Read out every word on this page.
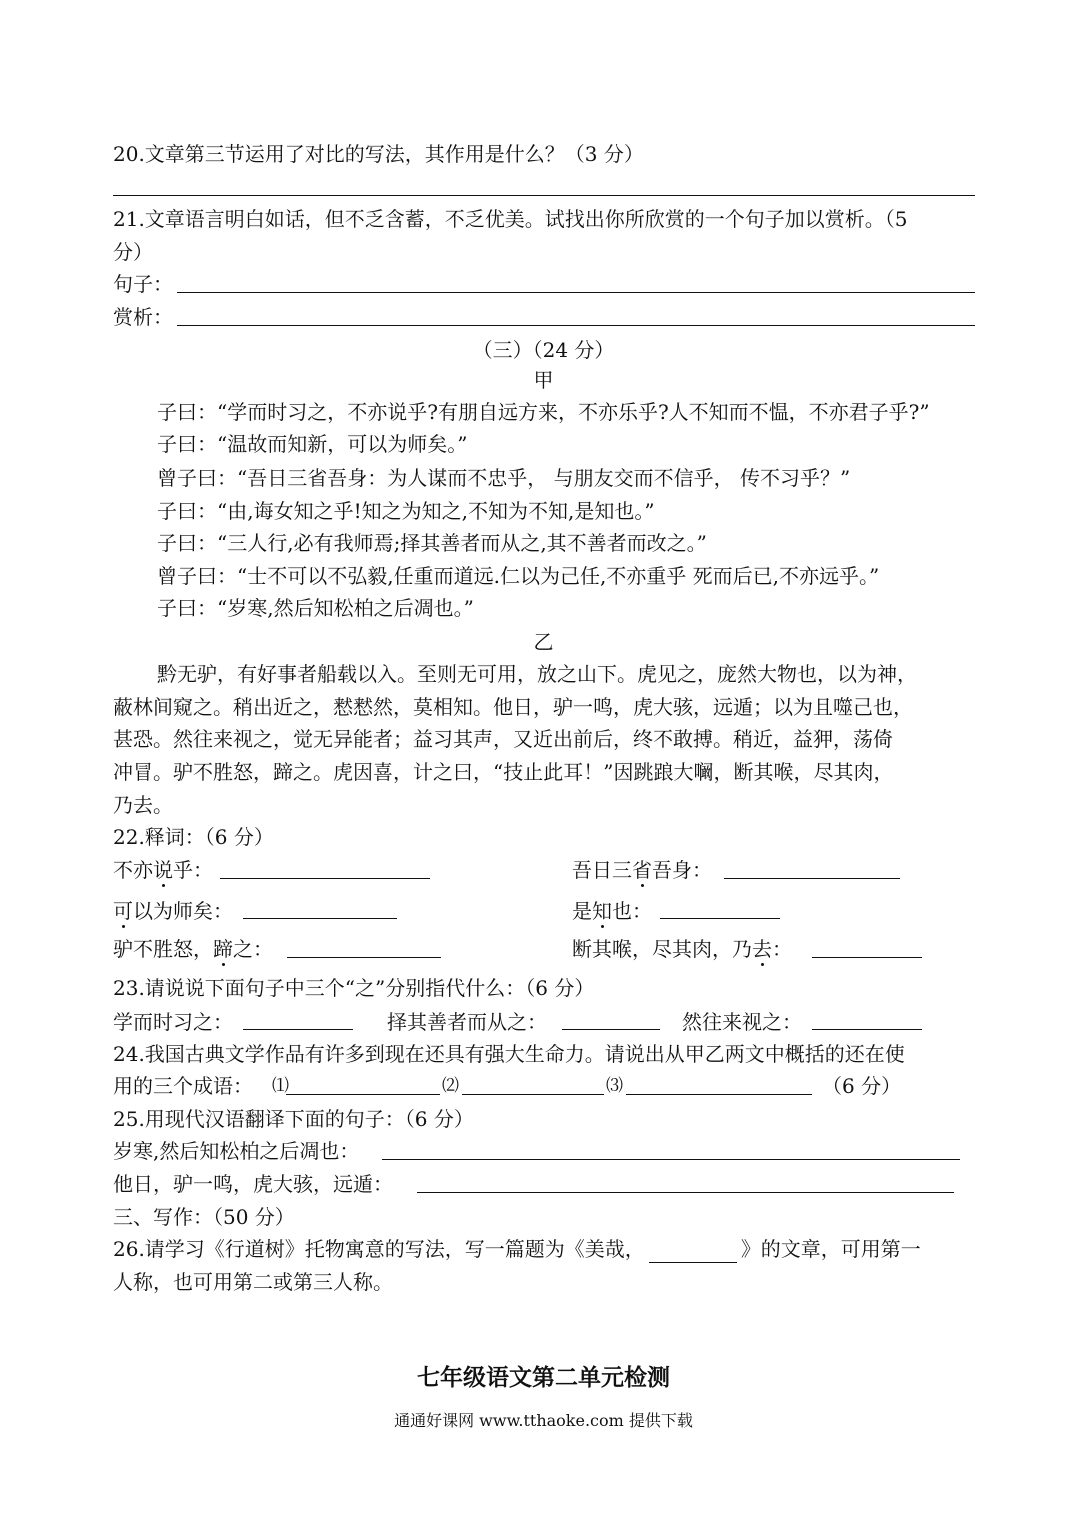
20.文章第三节运用了对比的写法，其作用是什么？（3 分）
21.文章语言明白如话，但不乏含蓄，不乏优美。试找出你所欣赏的一个句子加以赏析。（5
分）
句子：
赏析：
（三）（24 分）
甲
子曰：“学而时习之，不亦说乎?有朋自远方来，不亦乐乎?人不知而不愠，不亦君子乎?”
子曰：“温故而知新，可以为师矣。”
曾子曰：“吾日三省吾身：为人谋而不忠乎， 与朋友交而不信乎， 传不习乎？”
子曰：“由,诲女知之乎!知之为知之,不知为不知,是知也。”
子曰：“三人行,必有我师焉;择其善者而从之,其不善者而改之。”
曾子曰：“士不可以不弘毅,任重而道远.仁以为己任,不亦重乎 死而后已,不亦远乎。”
子曰：“岁寒,然后知松柏之后凋也。”
乙
黔无驴，有好事者船载以入。至则无可用，放之山下。虎见之，庞然大物也，以为神，
蔽林间窥之。稍出近之，慭慭然，莫相知。他日，驴一鸣，虎大骇，远遁；以为且噬己也，
甚恐。然往来视之，觉无异能者；益习其声，又近出前后，终不敢搏。稍近，益狎，荡倚
冲冒。驴不胜怒，蹄之。虎因喜，计之曰，“技止此耳！”因跳踉大㘎，断其喉，尽其肉，
乃去。
22.释词：（6 分）
不亦说乎：	吾日三省吾身：
可以为师矣：	是知也：
驴不胜怒，蹄之：	断其喉，尽其肉，乃去：
23.请说说下面句子中三个“之”分别指代什么：（6 分）
学而时习之：	择其善者而从之：	然往来视之：
24.我国古典文学作品有许多到现在还具有强大生命力。请说出从甲乙两文中概括的还在使
用的三个成语： ⑴	⑵	⑶	（6 分）
25.用现代汉语翻译下面的句子：（6 分）
岁寒,然后知松柏之后凋也：
他日，驴一鸣，虎大骇，远遁：
三、写作：（50 分）
26.请学习《行道树》托物寓意的写法，写一篇题为《美哉，	》的文章，可用第一
人称，也可用第二或第三人称。
七年级语文第二单元检测
通通好课网 www.tthaoke.com 提供下载
